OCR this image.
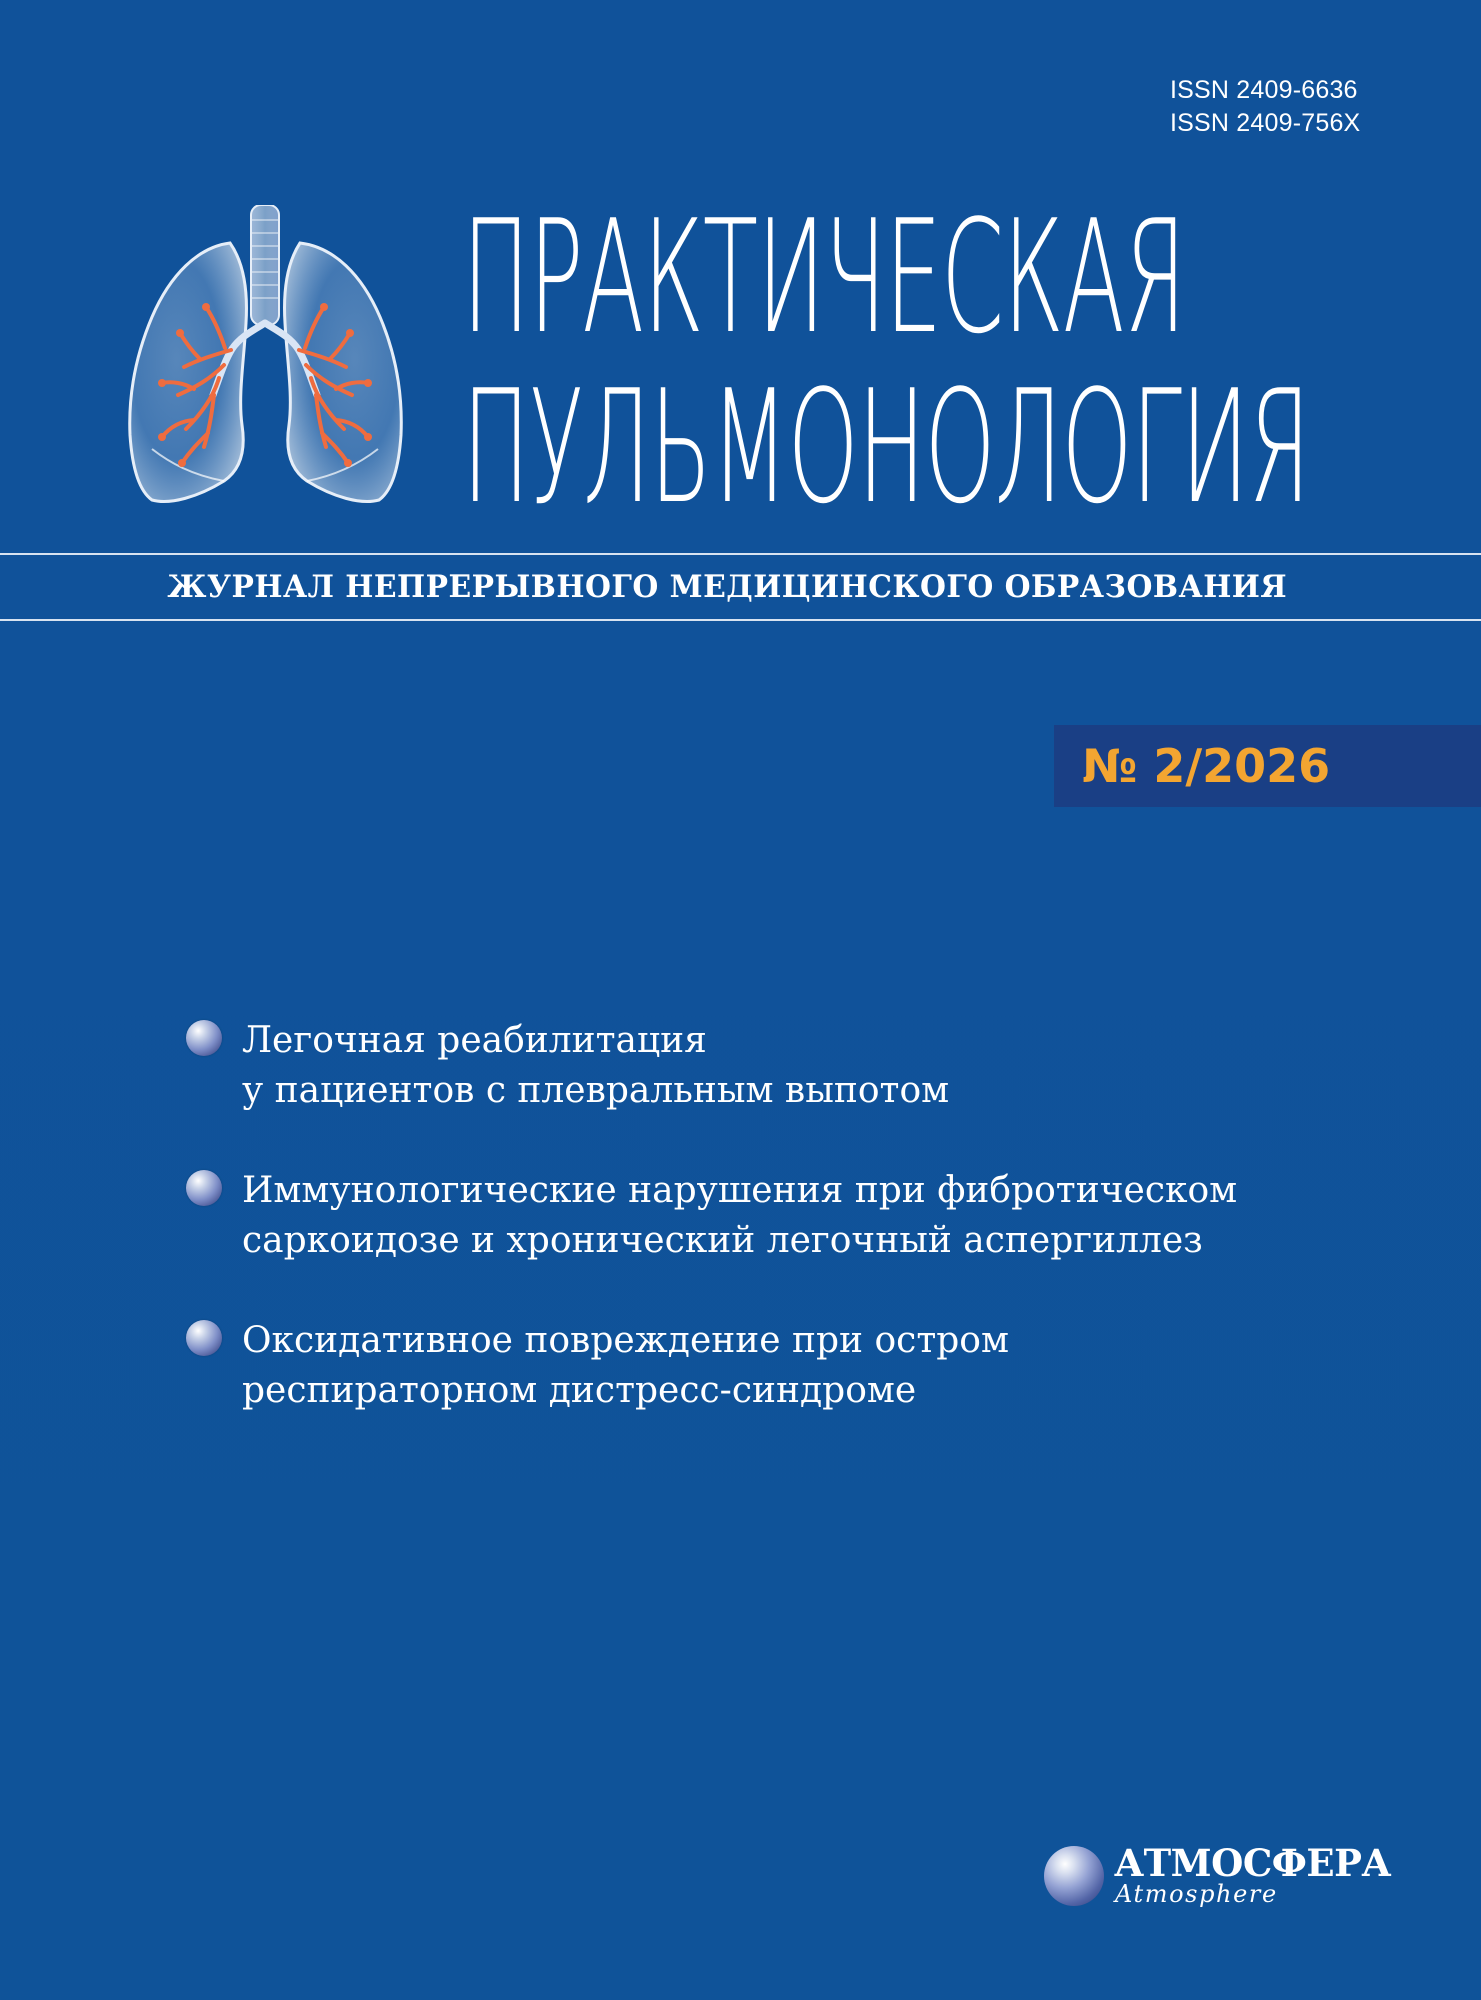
ISSN 2409-6636
ISSN 2409-756X
ПРАКТИЧЕСКАЯ
ПУЛЬМОНОЛОГИЯ
ЖУРНАЛ НЕПРЕРЫВНОГО МЕДИЦИНСКОГО ОБРАЗОВАНИЯ
№ 2/2026
Легочная реабилитация
у пациентов с плевральным выпотом
Иммунологические нарушения при фибротическом
саркоидозе и хронический легочный аспергиллез
Оксидативное повреждение при остром
респираторном дистресс-синдроме
АТМОСФЕРА
Atmosphere
